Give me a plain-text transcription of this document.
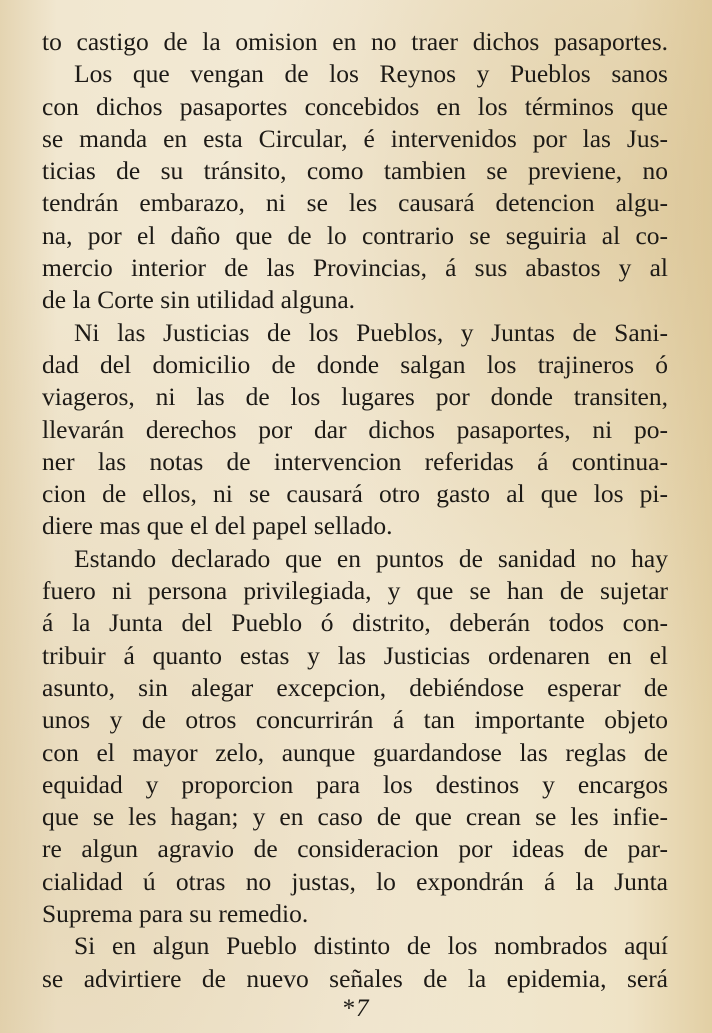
to castigo de la omision en no traer dichos pasaportes.
Los que vengan de los Reynos y Pueblos sanos
con dichos pasaportes concebidos en los términos que
se manda en esta Circular, é intervenidos por las Jus-
ticias de su tránsito, como tambien se previene, no
tendrán embarazo, ni se les causará detencion algu-
na, por el daño que de lo contrario se seguiria al co-
mercio interior de las Provincias, á sus abastos y al
de la Corte sin utilidad alguna.
Ni las Justicias de los Pueblos, y Juntas de Sani-
dad del domicilio de donde salgan los trajineros ó
viageros, ni las de los lugares por donde transiten,
llevarán derechos por dar dichos pasaportes, ni po-
ner las notas de intervencion referidas á continua-
cion de ellos, ni se causará otro gasto al que los pi-
diere mas que el del papel sellado.
Estando declarado que en puntos de sanidad no hay
fuero ni persona privilegiada, y que se han de sujetar
á la Junta del Pueblo ó distrito, deberán todos con-
tribuir á quanto estas y las Justicias ordenaren en el
asunto, sin alegar excepcion, debiéndose esperar de
unos y de otros concurrirán á tan importante objeto
con el mayor zelo, aunque guardandose las reglas de
equidad y proporcion para los destinos y encargos
que se les hagan; y en caso de que crean se les infie-
re algun agravio de consideracion por ideas de par-
cialidad ú otras no justas, lo expondrán á la Junta
Suprema para su remedio.
Si en algun Pueblo distinto de los nombrados aquí
se advirtiere de nuevo señales de la epidemia, será
*7
